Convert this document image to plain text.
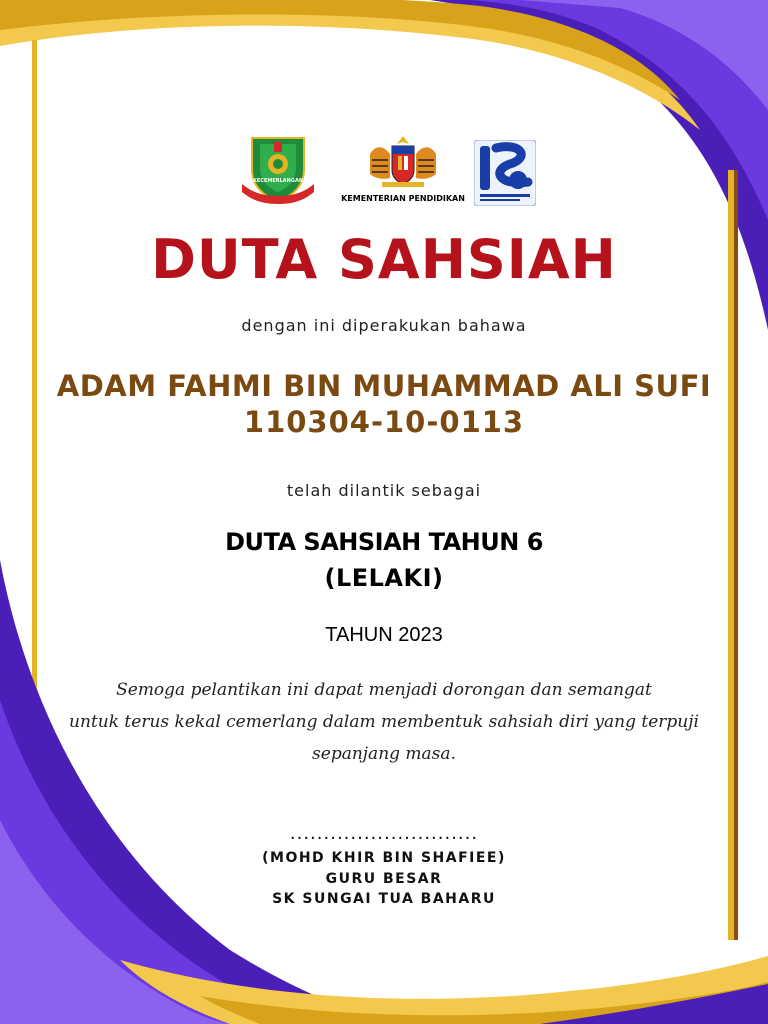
KECEMERLANGAN
KEMENTERIAN PENDIDIKAN
DUTA SAHSIAH
dengan ini diperakukan bahawa
ADAM FAHMI BIN MUHAMMAD ALI SUFI
110304-10-0113
telah dilantik sebagai
DUTA SAHSIAH TAHUN 6
(LELAKI)
TAHUN 2023
Semoga pelantikan ini dapat menjadi dorongan dan semangat
untuk terus kekal cemerlang dalam membentuk sahsiah diri yang terpuji
sepanjang masa.
............................
(MOHD KHIR BIN SHAFIEE)
GURU BESAR
SK SUNGAI TUA BAHARU
